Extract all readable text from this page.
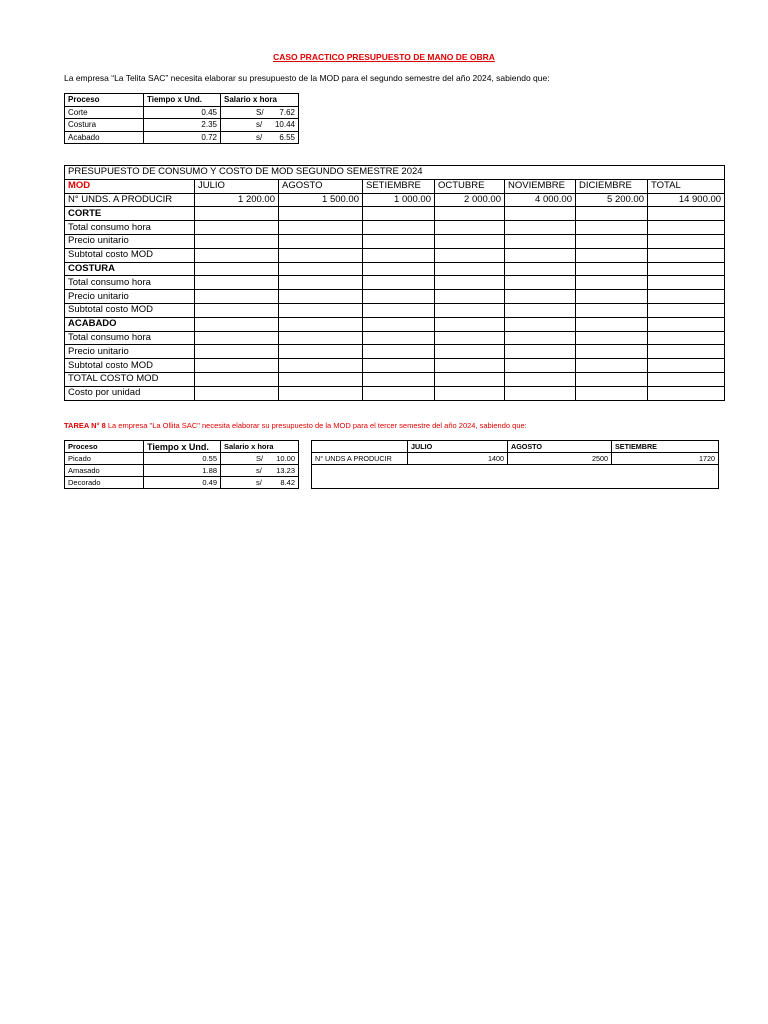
CASO PRACTICO PRESUPUESTO DE MANO DE OBRA
La empresa “La Telita SAC” necesita elaborar su presupuesto de la MOD para el segundo semestre del año 2024, sabiendo que:
Proceso	Tiempo x Und.	Salario x hora
Corte	0.45	S/ 7.62

Costura	2.35	s/ 10.44

Acabado	0.72	s/ 6.55
PRESUPUESTO DE CONSUMO Y COSTO DE MOD SEGUNDO SEMESTRE 2024							
MOD	JULIO	AGOSTO	SETIEMBRE	OCTUBRE	NOVIEMBRE	DICIEMBRE	TOTAL
N° UNDS. A PRODUCIR	1 200.00	1 500.00	1 000.00	2 000.00	4 000.00	5 200.00	14 900.00
CORTE							
Total consumo hora							
Precio unitario							
Subtotal costo MOD							
COSTURA							
Total consumo hora							
Precio unitario							
Subtotal costo MOD							
ACABADO							
Total consumo hora							
Precio unitario							
Subtotal costo MOD							
TOTAL COSTO MOD							
Costo por unidad							
TAREA N° 8 La empresa "La Ollita SAC" necesita elaborar su presupuesto de la MOD para el tercer semestre del año 2024, sabiendo que:
Proceso	Tiempo x Und.	Salario x hora
Picado	0.55	S/ 10.00

Amasado	1.88	s/ 13.23

Decorado	0.49	s/ 8.42
	JULIO	AGOSTO	SETIEMBRE
N° UNDS A PRODUCIR	1400	2500	1720
